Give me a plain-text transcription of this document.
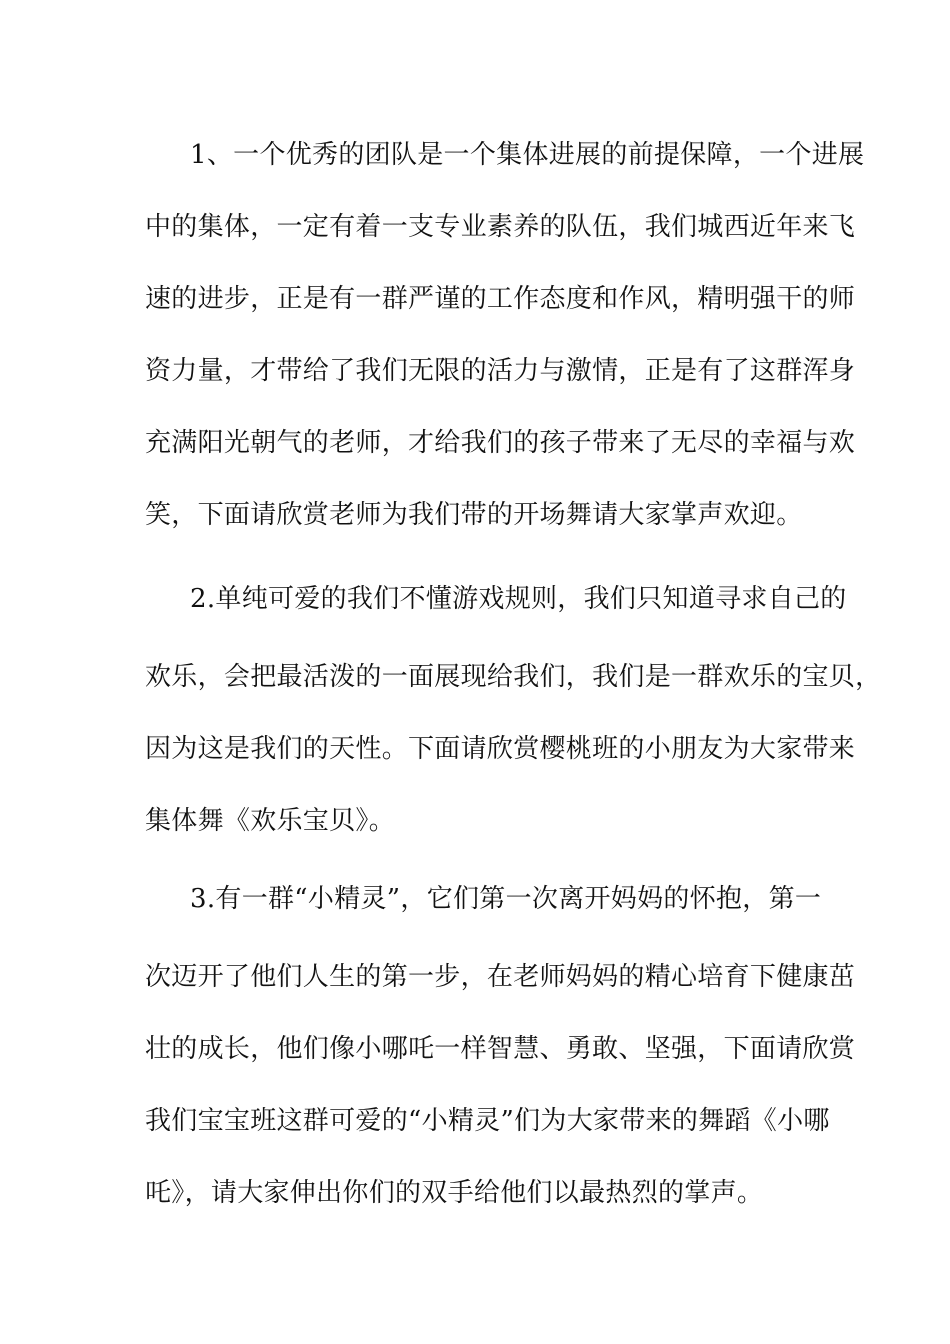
1、一个优秀的团队是一个集体进展的前提保障，一个进展
中的集体，一定有着一支专业素养的队伍，我们城西近年来飞
速的进步，正是有一群严谨的工作态度和作风，精明强干的师
资力量，才带给了我们无限的活力与激情，正是有了这群浑身
充满阳光朝气的老师，才给我们的孩子带来了无尽的幸福与欢
笑，下面请欣赏老师为我们带的开场舞请大家掌声欢迎。
2.单纯可爱的我们不懂游戏规则，我们只知道寻求自己的
欢乐，会把最活泼的一面展现给我们，我们是一群欢乐的宝贝，
因为这是我们的天性。下面请欣赏樱桃班的小朋友为大家带来
集体舞《欢乐宝贝》。
3.有一群“小精灵”，它们第一次离开妈妈的怀抱，第一
次迈开了他们人生的第一步，在老师妈妈的精心培育下健康茁
壮的成长，他们像小哪吒一样智慧、勇敢、坚强，下面请欣赏
我们宝宝班这群可爱的“小精灵”们为大家带来的舞蹈《小哪
吒》，请大家伸出你们的双手给他们以最热烈的掌声。
